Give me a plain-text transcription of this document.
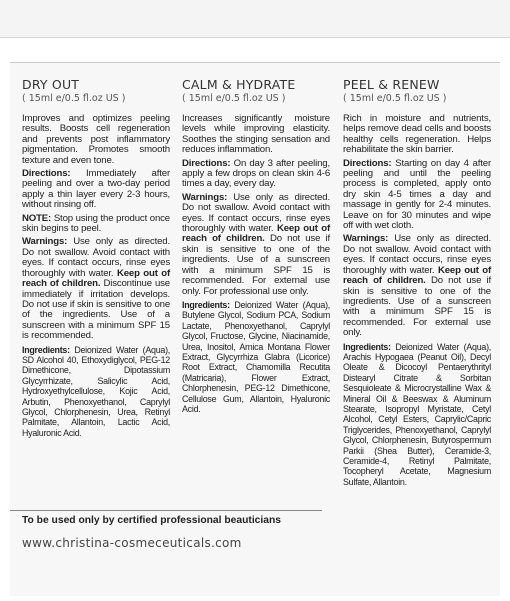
DRY OUT
( 15ml e/0.5 fl.oz US )

Improves and optimizes peeling results. Boosts cell regeneration and prevents post inflammatory pigmentation. Promotes smooth texture and even tone.

Directions: Immediately after peeling and over a two-day period apply a thin layer every 2-3 hours, without rinsing off.

NOTE: Stop using the product once skin begins to peel.

Warnings: Use only as directed. Do not swallow. Avoid contact with eyes. If contact occurs, rinse eyes thoroughly with water. Keep out of reach of children. Discontinue use immediately if irritation develops. Do not use if skin is sensitive to one of the ingredients. Use of a sunscreen with a minimum SPF 15 is recommended.

Ingredients: Deionized Water (Aqua), SD Alcohol 40, Ethoxydiglycol, PEG-12 Dimethicone, Dipotassium Glycyrrhizate, Salicylic Acid, Hydroxyethylcellulose, Kojic Acid, Arbutin, Phenoxyethanol, Caprylyl Glycol, Chlorphenesin, Urea, Retinyl Palmitate, Allantoin, Lactic Acid, Hyaluronic Acid.

CALM & HYDRATE
( 15ml e/0.5 fl.oz US )

Increases significantly moisture levels while improving elasticity. Soothes the stinging sensation and reduces inflammation.

Directions: On day 3 after peeling, apply a few drops on clean skin 4-6 times a day, every day.

Warnings: Use only as directed. Do not swallow. Avoid contact with eyes. If contact occurs, rinse eyes thoroughly with water. Keep out of reach of children. Do not use if skin is sensitive to one of the ingredients. Use of a sunscreen with a minimum SPF 15 is recommended. For external use only. For professional use only.

Ingredients: Deionized Water (Aqua), Butylene Glycol, Sodium PCA, Sodium Lactate, Phenoxyethanol, Caprylyl Glycol, Fructose, Glycine, Niacinamide, Urea, Inositol, Arnica Montana Flower Extract, Glycyrrhiza Glabra (Licorice) Root Extract, Chamomilla Recutita (Matricaria), Flower Extract, Chlorphenesin, PEG-12 Dimethicone, Cellulose Gum, Allantoin, Hyaluronic Acid.

PEEL & RENEW
( 15ml e/0.5 fl.oz US )

Rich in moisture and nutrients, helps remove dead cells and boosts healthy cells regeneration. Helps rehabilitate the skin barrier.

Directions: Starting on day 4 after peeling and until the peeling process is completed, apply onto dry skin 4-5 times a day and massage in gently for 2-4 minutes. Leave on for 30 minutes and wipe off with wet cloth.

Warnings: Use only as directed. Do not swallow. Avoid contact with eyes. If contact occurs, rinse eyes thoroughly with water. Keep out of reach of children. Do not use if skin is sensitive to one of the ingredients. Use of a sunscreen with a minimum SPF 15 is recommended. For external use only.

Ingredients: Deionized Water (Aqua), Arachis Hypogaea (Peanut Oil), Decyl Oleate & Dicocoyl Pentaerythrityl Distearyl Citrate & Sorbitan Sesquioleate & Microcrystalline Wax & Mineral Oil & Beeswax & Aluminum Stearate, Isopropyl Myristate, Cetyl Alcohol, Cetyl Esters, Caprylic/Capric Triglycerides, Phenoxyethanol, Caprylyl Glycol, Chlorphenesin, Butyrospermum Parkii (Shea Butter), Ceramide-3, Ceramide-4, Retinyl Palmitate, Tocopheryl Acetate, Magnesium Sulfate, Allantoin.

To be used only by certified professional beauticians
www.christina-cosmeceuticals.com
